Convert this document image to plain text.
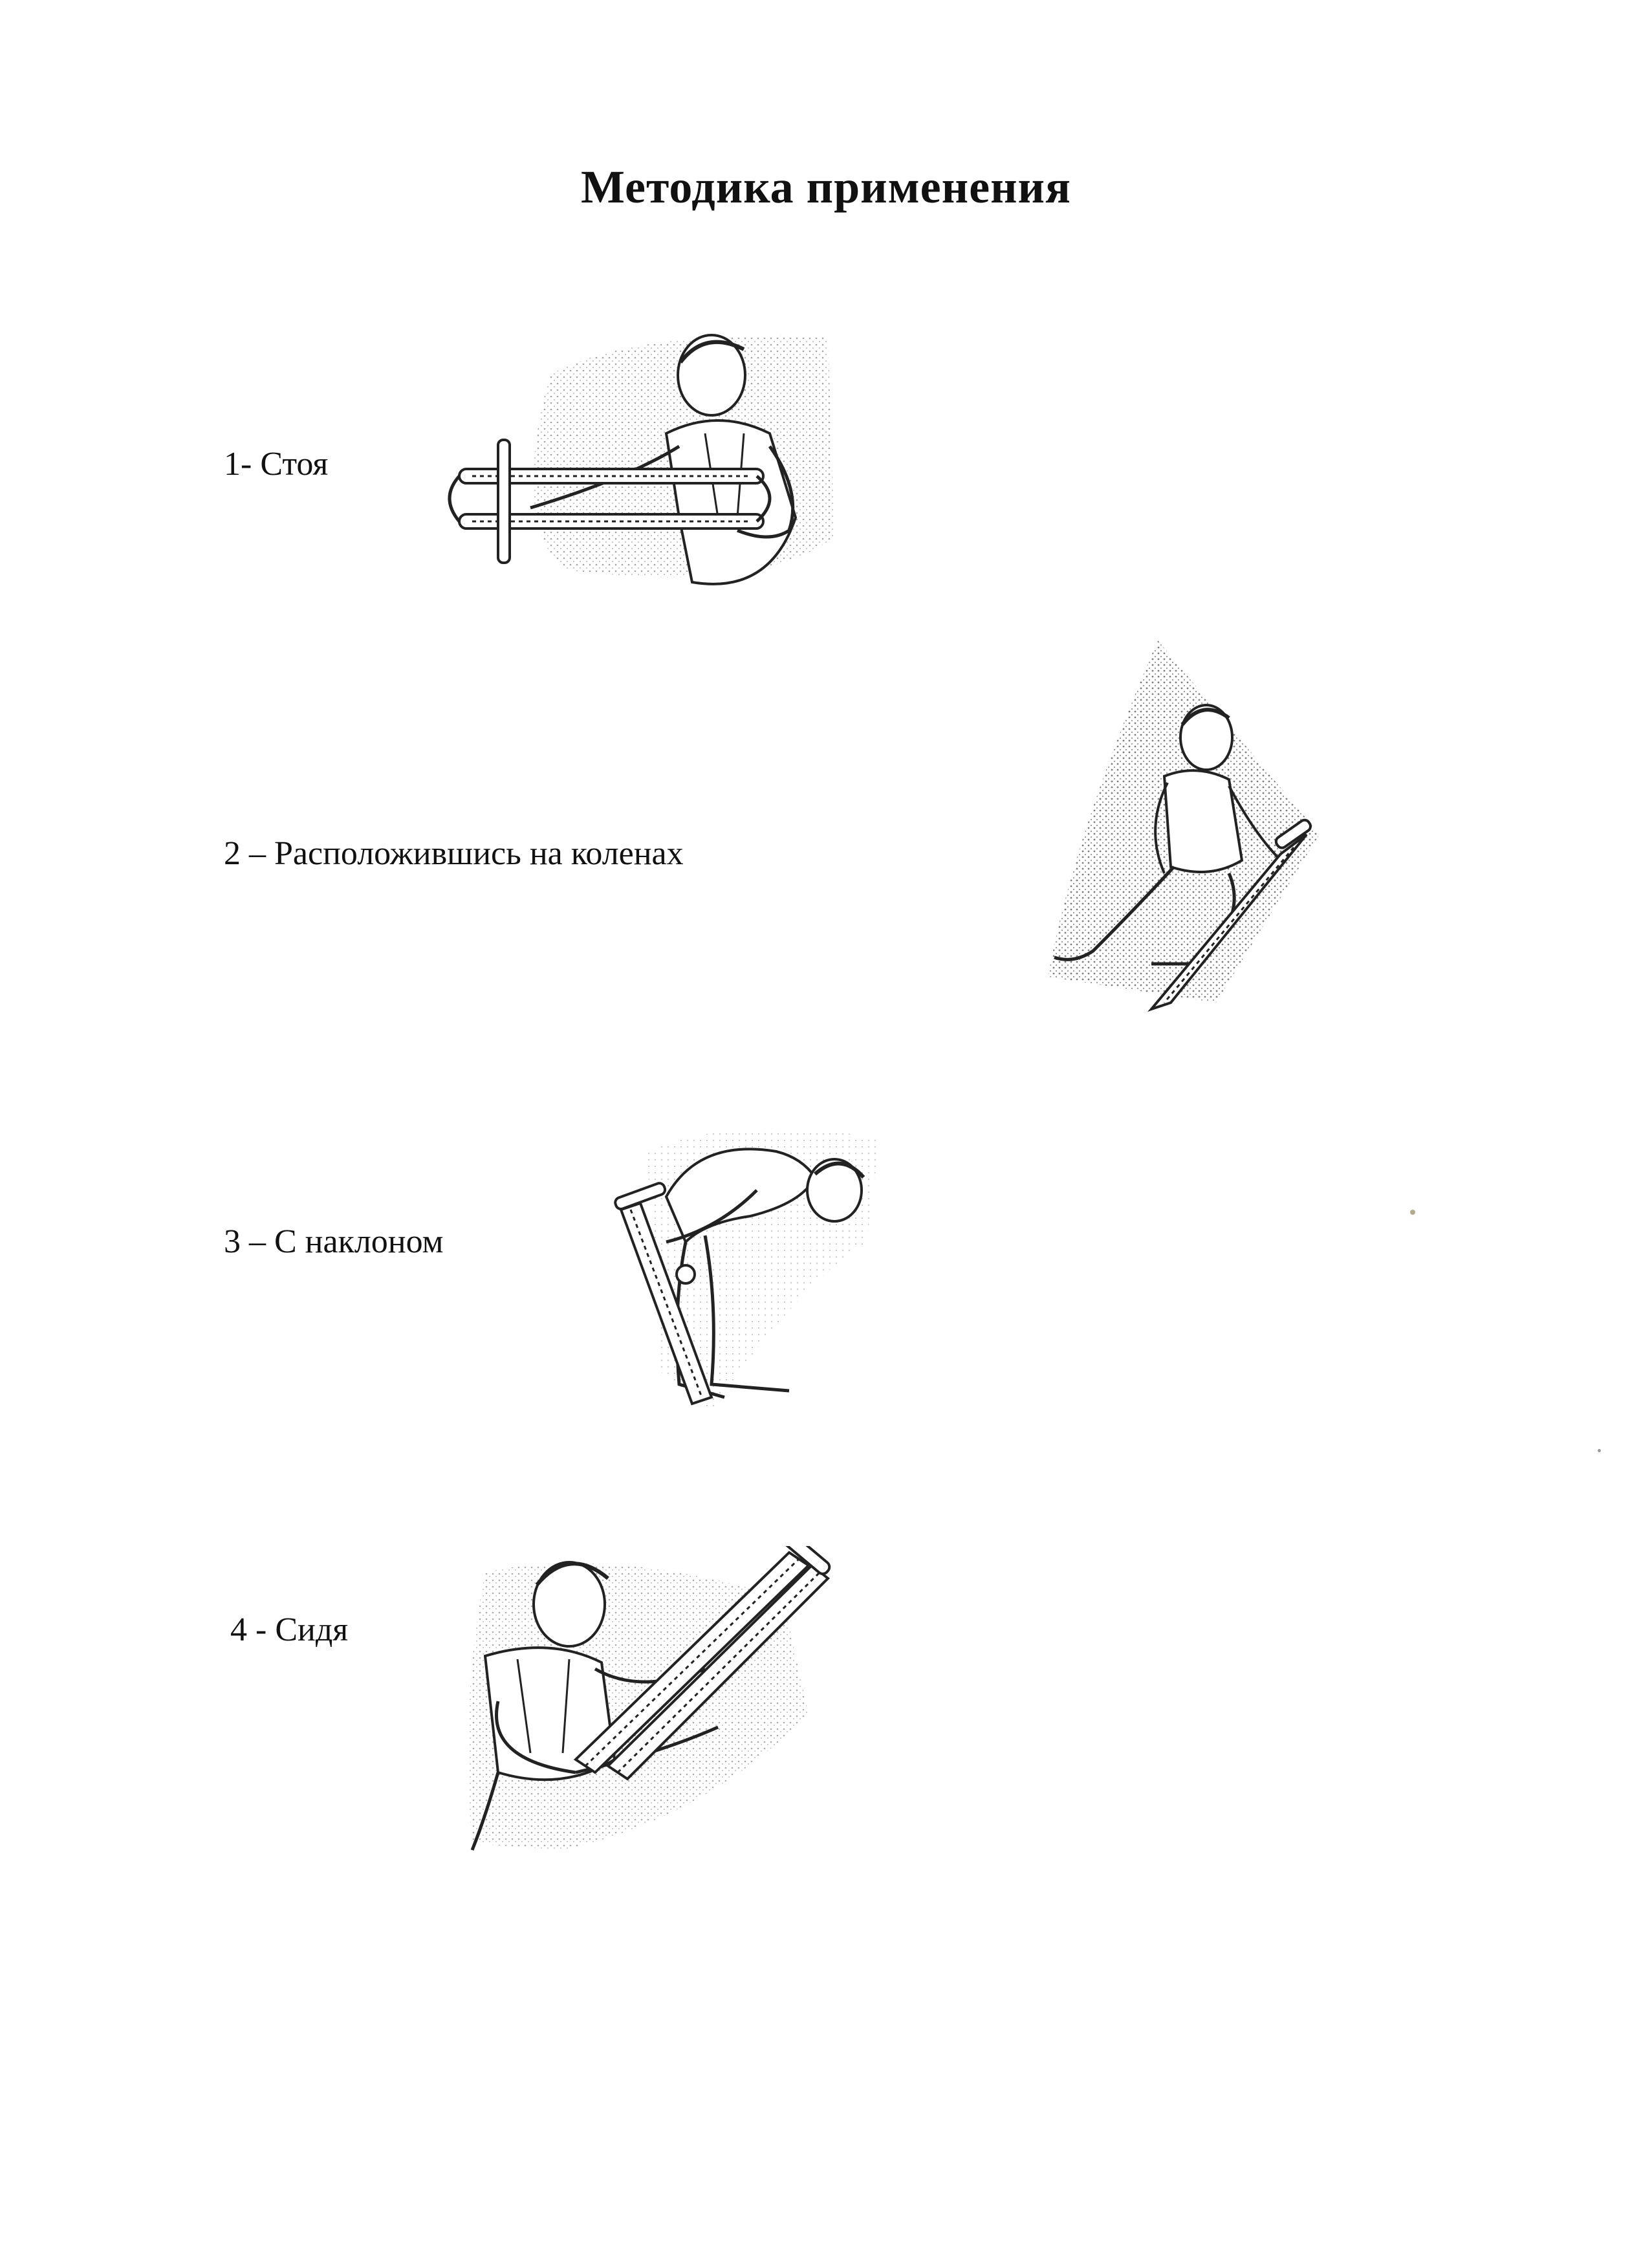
Методика применения
1- Стоя
2 – Расположившись на коленах
3 – С наклоном
4 - Сидя
